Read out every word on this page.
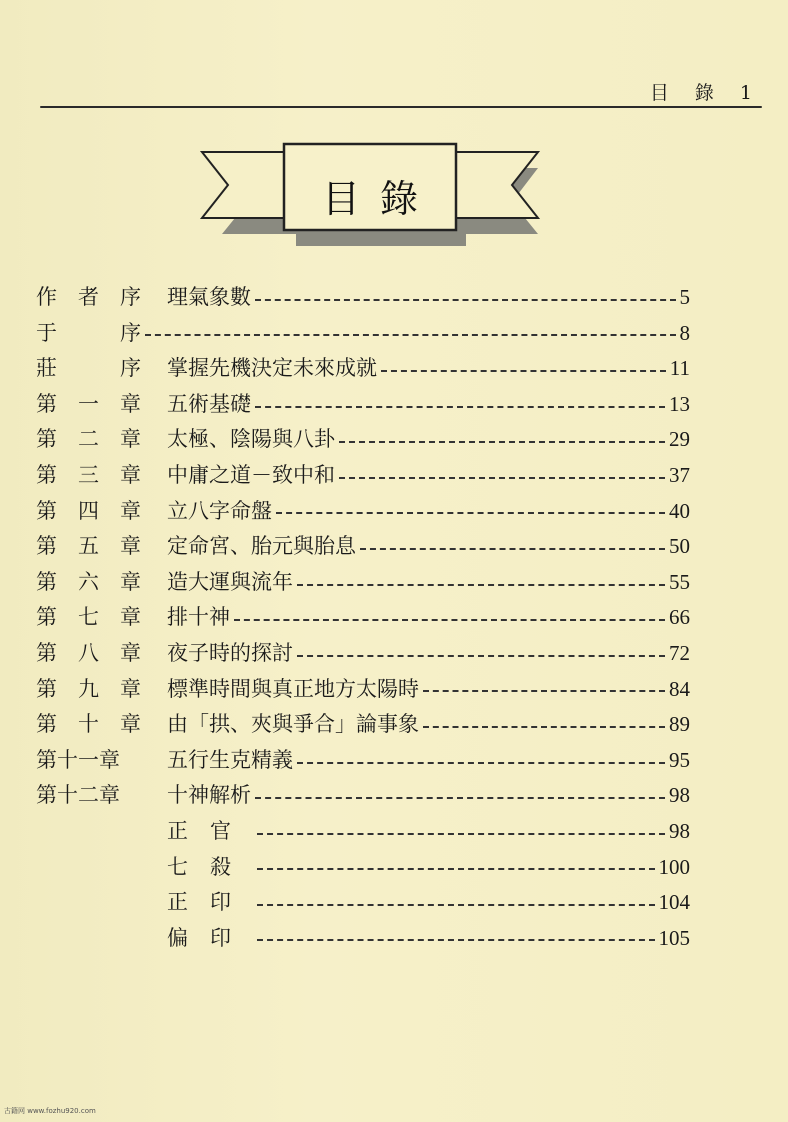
目 錄 1
目錄
作 者 序 理氣象數	5
于	序	8
莊	序 掌握先機決定未來成就	11
第 一 章 五術基礎	13
第 二 章 太極、陰陽與八卦	29
第 三 章 中庸之道－致中和	37
第 四 章 立八字命盤	40
第 五 章 定命宮、胎元與胎息	50
第 六 章 造大運與流年	55
第 七 章 排十神	66
第 八 章 夜子時的探討	72
第 九 章 標準時間與真正地方太陽時	84
第 十 章 由「拱、夾與爭合」論事象	89
第十一章 五行生克精義	95
第十二章 十神解析	98
正官	98
七殺	100
正印	104
偏印	105
古籍网 www.fozhu920.com
